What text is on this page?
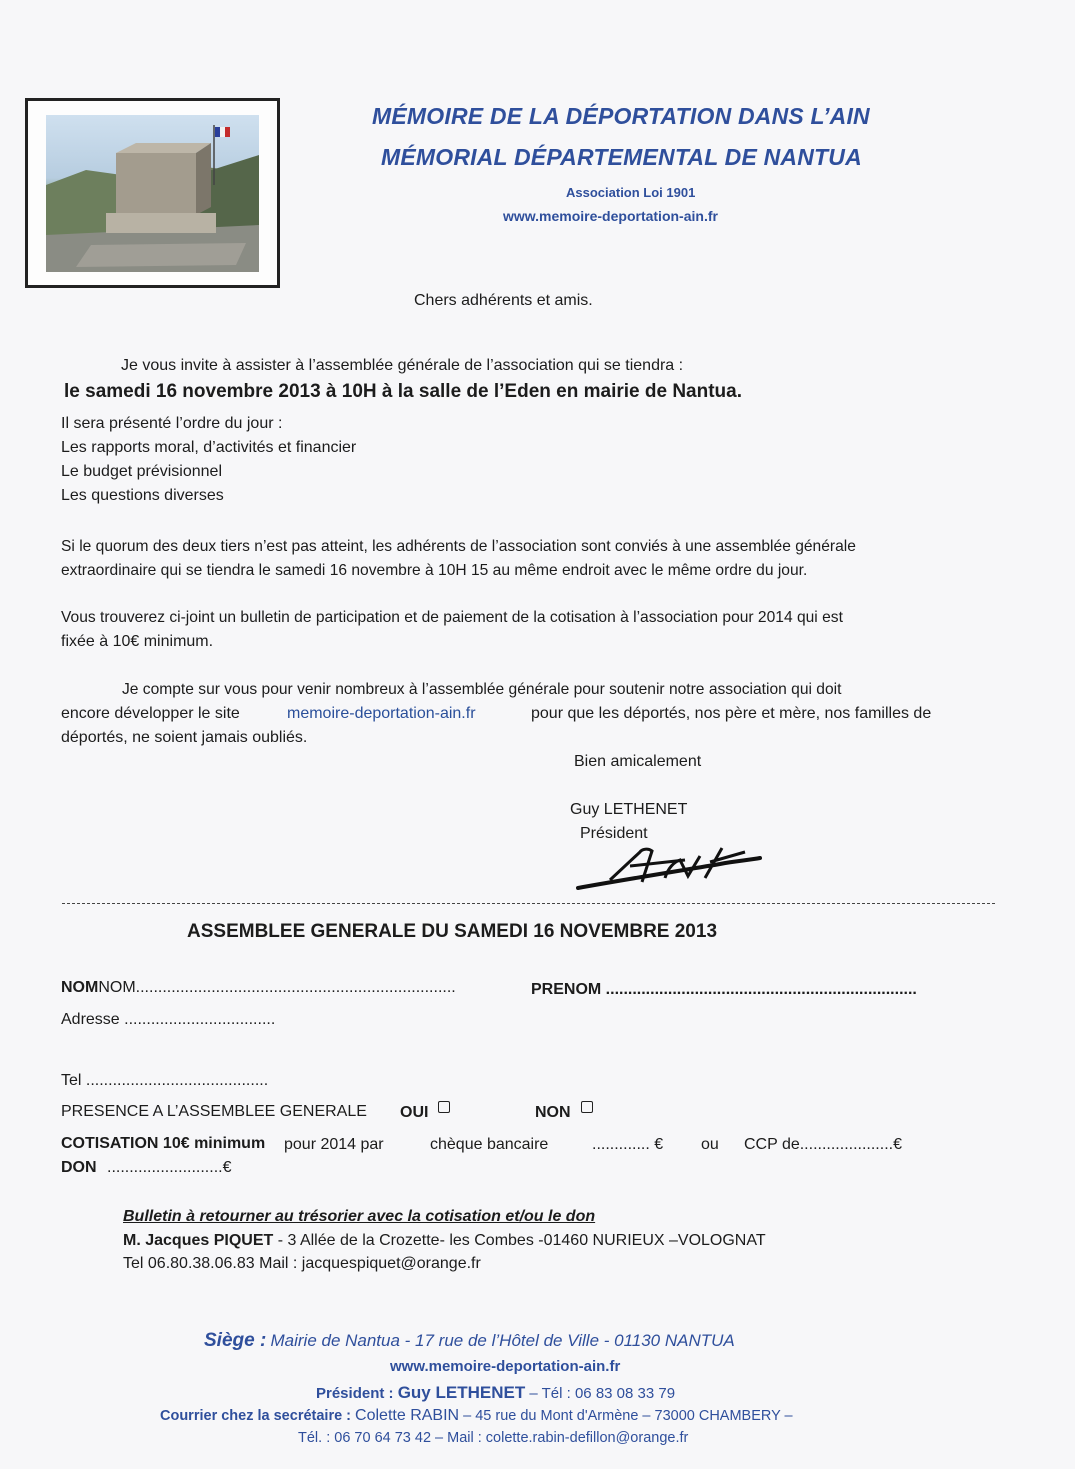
MÉMOIRE DE LA DÉPORTATION DANS L’AIN
MÉMORIAL DÉPARTEMENTAL DE NANTUA
Association Loi 1901
www.memoire-deportation-ain.fr
Chers adhérents et amis.
Je vous invite à assister à l’assemblée générale de l’association qui se tiendra :
le samedi 16 novembre 2013 à 10H à la salle de l’Eden en mairie de Nantua.
Il sera présenté l’ordre du jour :
Les rapports moral, d’activités et financier
Le budget prévisionnel
Les questions diverses
Si le quorum des deux tiers n’est pas atteint, les adhérents de l’association sont conviés à une assemblée générale
extraordinaire qui se tiendra le samedi 16 novembre à 10H 15 au même endroit avec le même ordre du jour.
Vous trouverez ci-joint un bulletin de participation et de paiement de la cotisation à l’association pour 2014 qui est
fixée à 10€ minimum.
Je compte sur vous pour venir nombreux à l’assemblée générale pour soutenir notre association qui doit
encore développer le site	memoire-deportation-ain.fr	pour que les déportés, nos père et mère, nos familles de
déportés, ne soient jamais oubliés.
Bien amicalement
Guy LETHENET
Président
ASSEMBLEE GENERALE DU SAMEDI 16 NOVEMBRE 2013
NOMNOM........................................................................	PRENOM ......................................................................
Adresse ..................................
Tel .........................................
PRESENCE A L’ASSEMBLEE GENERALE OUI	NON
COTISATION 10€ minimum pour 2014 par	chèque bancaire	............. € ou CCP de.....................€
DON ..........................€
Bulletin à retourner au trésorier avec la cotisation et/ou le don
M. Jacques PIQUET - 3 Allée de la Crozette- les Combes -01460 NURIEUX –VOLOGNAT
Tel 06.80.38.06.83 Mail : jacquespiquet@orange.fr
Siège : Mairie de Nantua - 17 rue de l’Hôtel de Ville - 01130 NANTUA
www.memoire-deportation-ain.fr
Président : Guy LETHENET – Tél : 06 83 08 33 79
Courrier chez la secrétaire : Colette RABIN – 45 rue du Mont d'Armène – 73000 CHAMBERY –
Tél. : 06 70 64 73 42 – Mail : colette.rabin-defillon@orange.fr
